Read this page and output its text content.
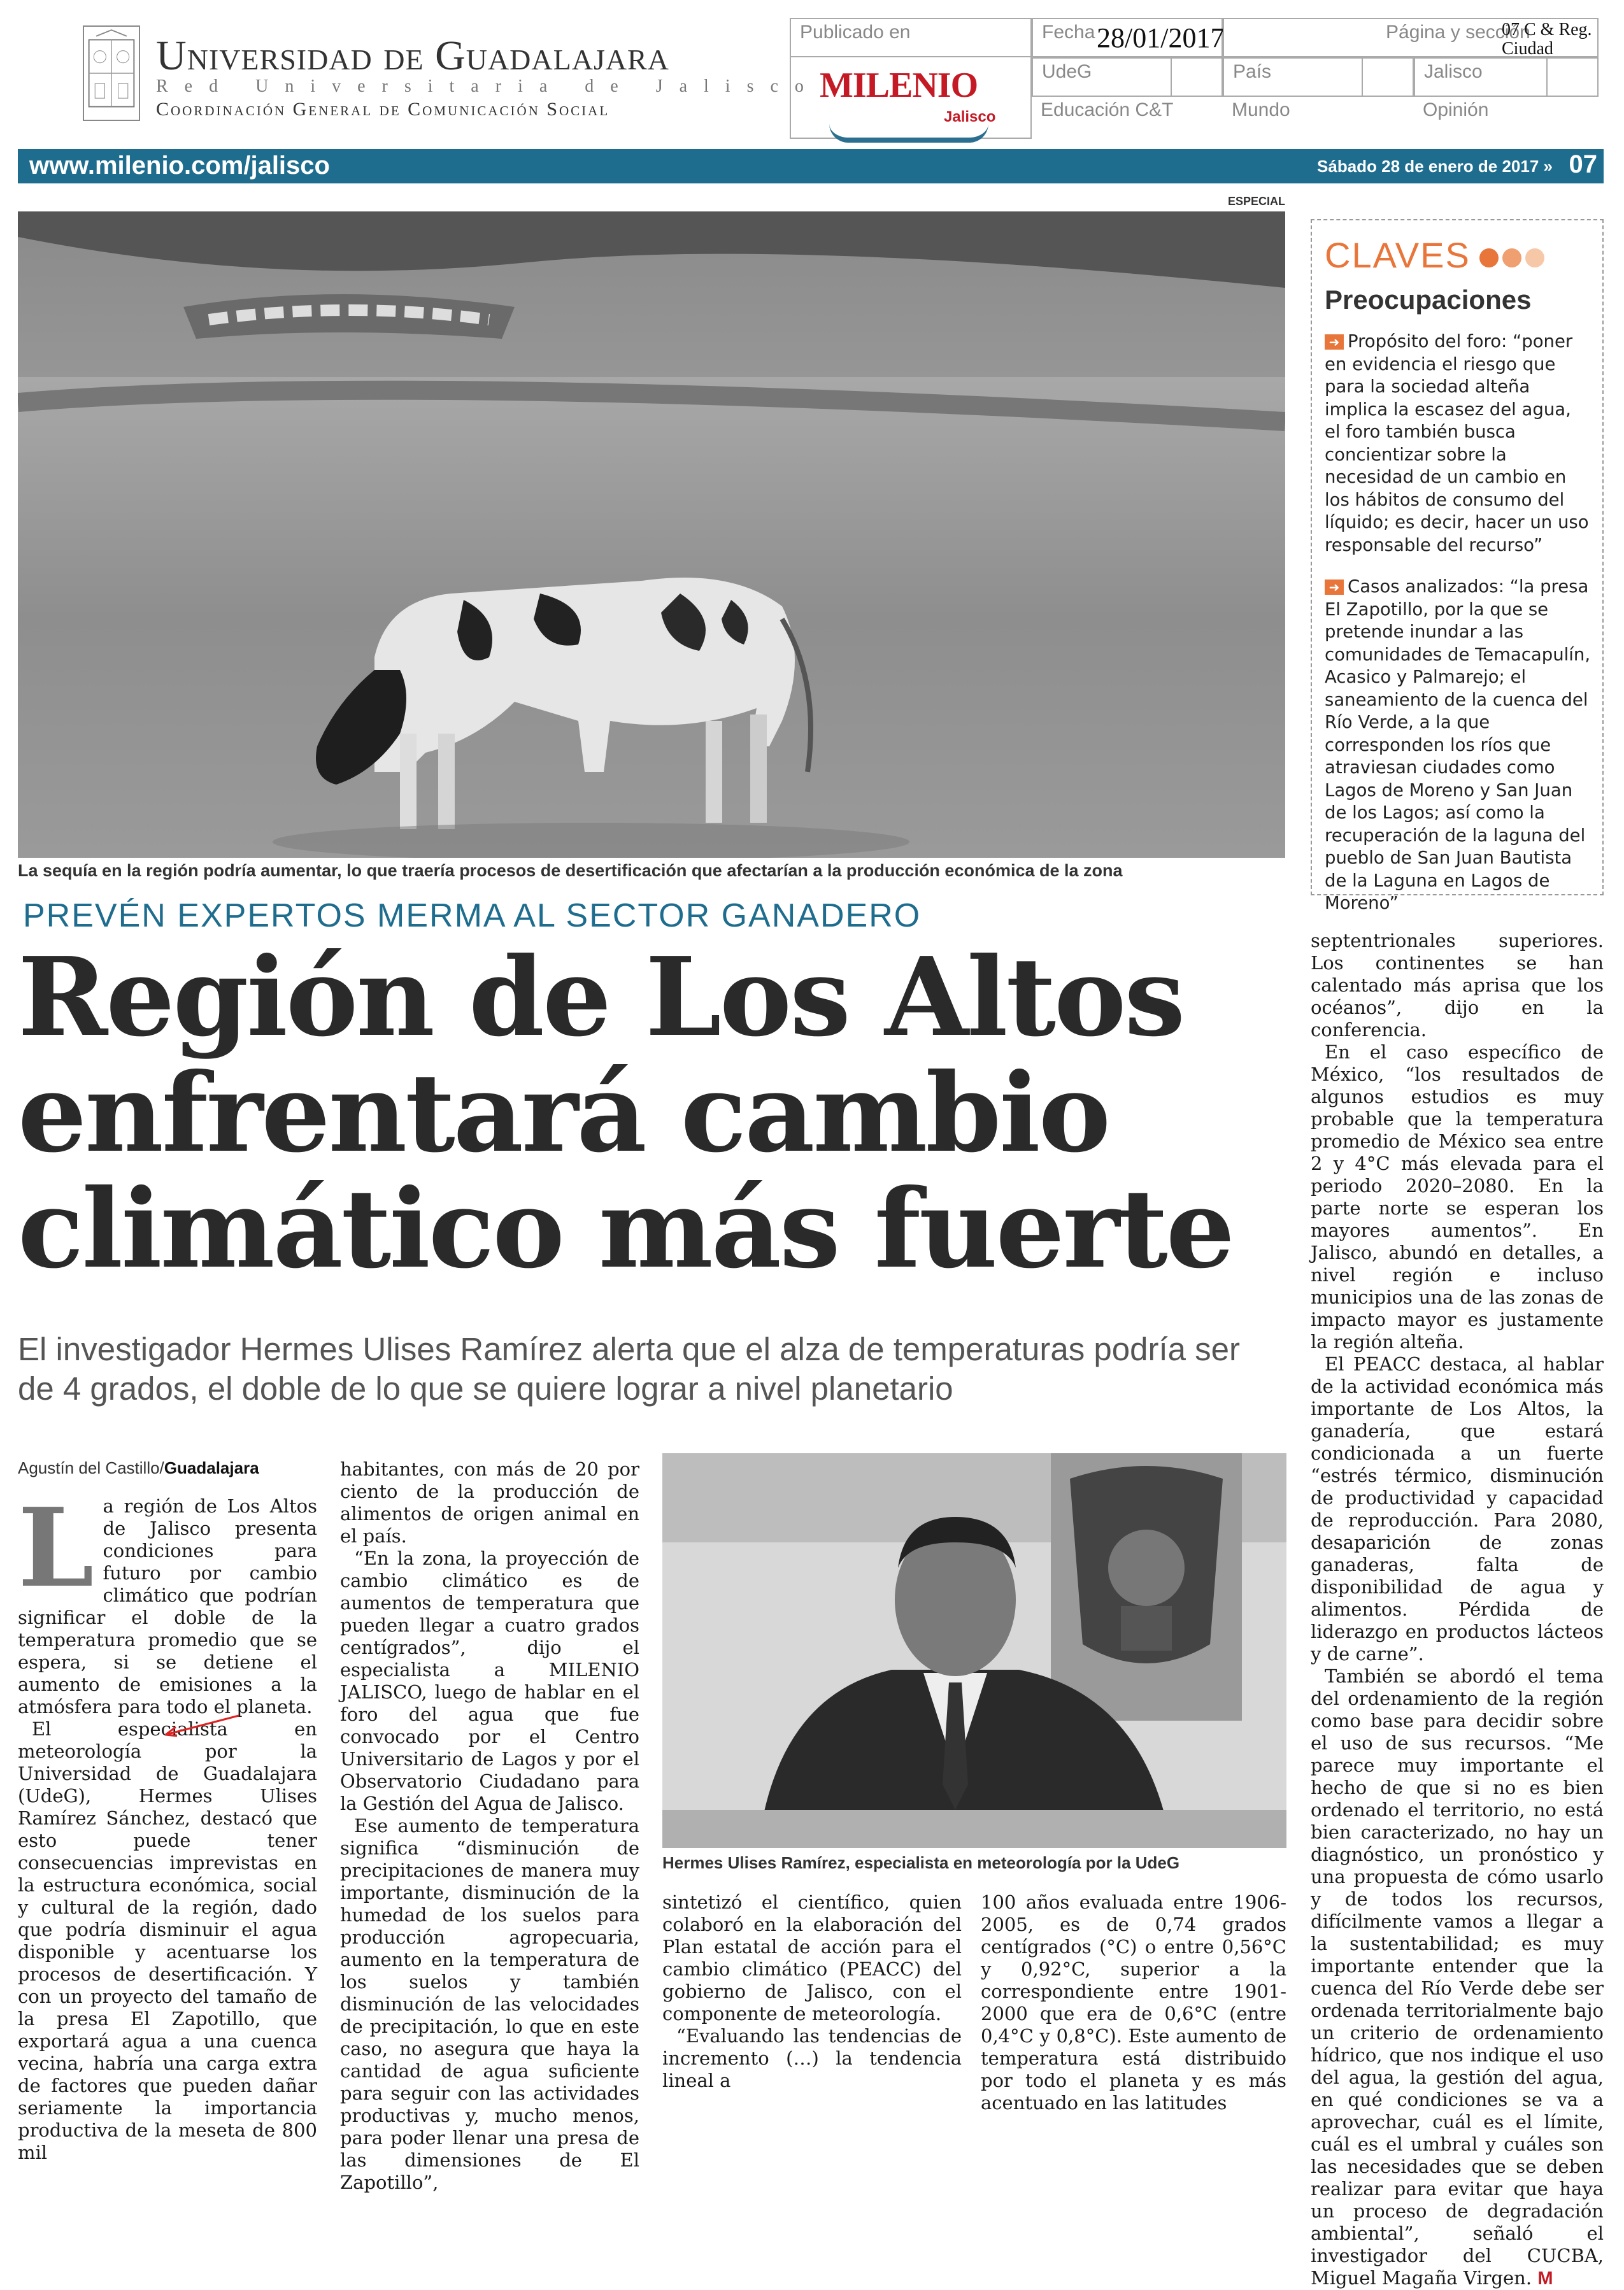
Universidad de Guadalajara
Red Universitaria de Jalisco
Coordinación General de Comunicación Social
Publicado en
MILENIO
Jalisco
Fecha 28/01/2017	Página y sección
07 C & Reg. Ciudad
UdeG	País	Jalisco
Educación C&T	Mundo	Opinión
www.milenio.com/jalisco	Sábado 28 de enero de 2017 » 07
ESPECIAL
La sequía en la región podría aumentar, lo que traería procesos de desertificación que afectarían a la producción económica de la zona
CLAVES
Preocupaciones

➜ Propósito del foro: “poner en evidencia el riesgo que para la sociedad alteña implica la escasez del agua, el foro también busca concientizar sobre la necesidad de un cambio en los hábitos de consumo del líquido; es decir, hacer un uso responsable del recurso”

➜ Casos analizados: “la presa El Zapotillo, por la que se pretende inundar a las comunidades de Temacapulín, Acasico y Palmarejo; el saneamiento de la cuenca del Río Verde, a la que corresponden los ríos que atraviesan ciudades como Lagos de Moreno y San Juan de los Lagos; así como la recuperación de la laguna del pueblo de San Juan Bautista de la Laguna en Lagos de Moreno”

PREVÉN EXPERTOS MERMA AL SECTOR GANADERO
Región de Los Altos enfrentará cambio climático más fuerte
El investigador Hermes Ulises Ramírez alerta que el alza de temperaturas podría ser de 4 grados, el doble de lo que se quiere lograr a nivel planetario
Agustín del Castillo/Guadalajara

La región de Los Altos de Jalisco presenta condiciones para futuro por cambio climático que podrían significar el doble de la temperatura promedio que se espera, si se detiene el aumento de emisiones a la atmósfera para todo el planeta.

El especialista en meteorología por la Universidad de Guadalajara (UdeG), Hermes Ulises Ramírez Sánchez, destacó que esto puede tener consecuencias imprevistas en la estructura económica, social y cultural de la región, dado que podría disminuir el agua disponible y acentuarse los procesos de desertificación. Y con un proyecto del tamaño de la presa El Zapotillo, que exportará agua a una cuenca vecina, habría una carga extra de factores que pueden dañar seriamente la importancia productiva de la meseta de 800 mil

habitantes, con más de 20 por ciento de la producción de alimentos de origen animal en el país.

“En la zona, la proyección de cambio climático es de aumentos de temperatura que pueden llegar a cuatro grados centígrados”, dijo el especialista a MILENIO JALISCO, luego de hablar en el foro del agua que fue convocado por el Centro Universitario de Lagos y por el Observatorio Ciudadano para la Gestión del Agua de Jalisco.

Ese aumento de temperatura significa “disminución de precipitaciones de manera muy importante, disminución de la humedad de los suelos para producción agropecuaria, aumento en la temperatura de los suelos y también disminución de las velocidades de precipitación, lo que en este caso, no asegura que haya la cantidad de agua suficiente para seguir con las actividades productivas y, mucho menos, para poder llenar una presa de las dimensiones de El Zapotillo”,

Hermes Ulises Ramírez, especialista en meteorología por la UdeG

sintetizó el científico, quien colaboró en la elaboración del Plan estatal de acción para el cambio climático (PEACC) del gobierno de Jalisco, con el componente de meteorología.

“Evaluando las tendencias de incremento (…) la tendencia lineal a

100 años evaluada entre 1906-2005, es de 0,74 grados centígrados (°C) o entre 0,56°C y 0,92°C, superior a la correspondiente entre 1901-2000 que era de 0,6°C (entre 0,4°C y 0,8°C). Este aumento de temperatura está distribuido por todo el planeta y es más acentuado en las latitudes

septentrionales superiores. Los continentes se han calentado más aprisa que los océanos”, dijo en la conferencia.

En el caso específico de México, “los resultados de algunos estudios es muy probable que la temperatura promedio de México sea entre 2 y 4°C más elevada para el periodo 2020–2080. En la parte norte se esperan los mayores aumentos”. En Jalisco, abundó en detalles, a nivel región e incluso municipios una de las zonas de impacto mayor es justamente la región alteña.

El PEACC destaca, al hablar de la actividad económica más importante de Los Altos, la ganadería, que estará condicionada a un fuerte “estrés térmico, disminución de productividad y capacidad de reproducción. Para 2080, desaparición de zonas ganaderas, falta de disponibilidad de agua y alimentos. Pérdida de liderazgo en productos lácteos y de carne”.

También se abordó el tema del ordenamiento de la región como base para decidir sobre el uso de sus recursos. “Me parece muy importante el hecho de que si no es bien ordenado el territorio, no está bien caracterizado, no hay un diagnóstico, un pronóstico y una propuesta de cómo usarlo y de todos los recursos, difícilmente vamos a llegar a la sustentabilidad; es muy importante entender que la cuenca del Río Verde debe ser ordenada territorialmente bajo un criterio de ordenamiento hídrico, que nos indique el uso del agua, la gestión del agua, en qué condiciones se va a aprovechar, cuál es el límite, cuál es el umbral y cuáles son las necesidades que se deben realizar para evitar que haya un proceso de degradación ambiental”, señaló el investigador del CUCBA, Miguel Magaña Virgen. M
